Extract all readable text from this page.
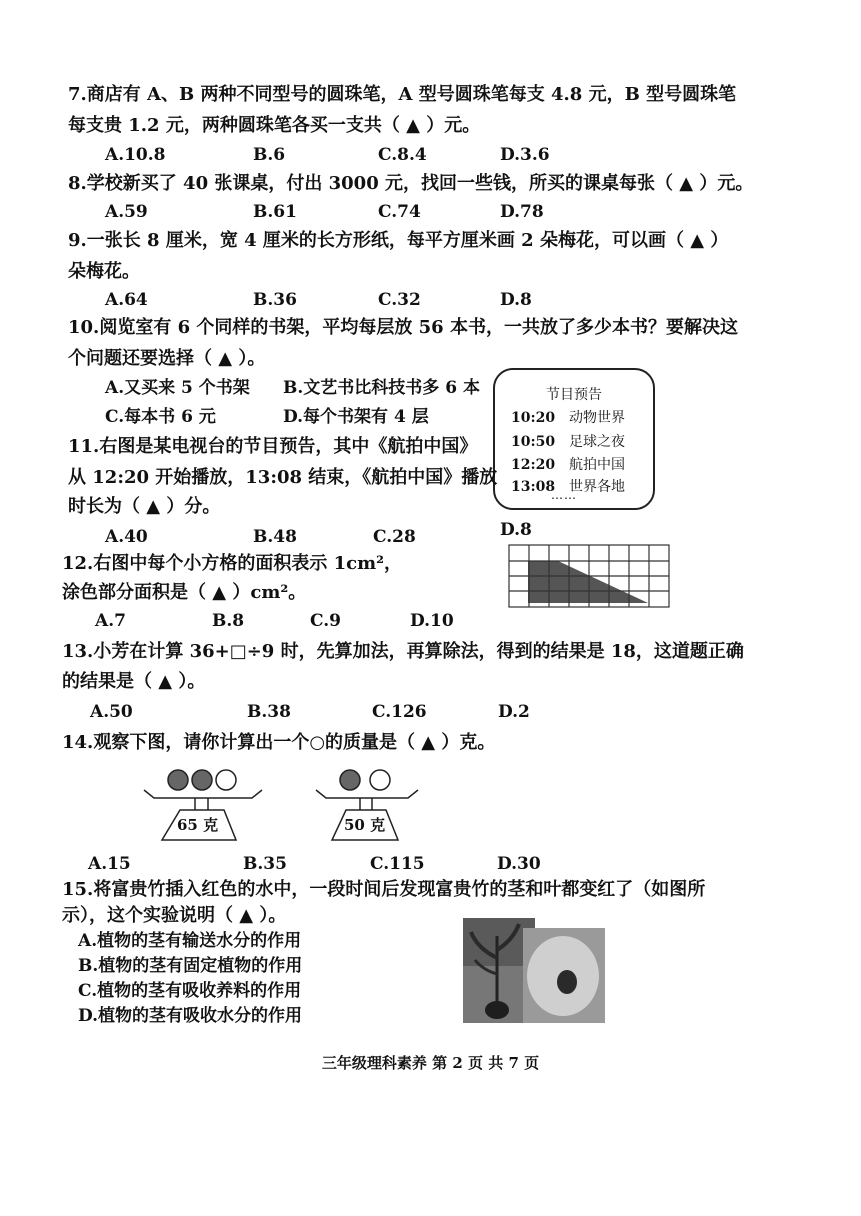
7.商店有 A、B 两种不同型号的圆珠笔，A 型号圆珠笔每支 4.8 元，B 型号圆珠笔
每支贵 1.2 元，两种圆珠笔各买一支共（ ▲ ）元。
A.10.8	B.6	C.8.4	D.3.6
8.学校新买了 40 张课桌，付出 3000 元，找回一些钱，所买的课桌每张（ ▲ ）元。
A.59	B.61	C.74	D.78
9.一张长 8 厘米，宽 4 厘米的长方形纸，每平方厘米画 2 朵梅花，可以画（ ▲ ）
朵梅花。
A.64	B.36	C.32	D.8
10.阅览室有 6 个同样的书架，平均每层放 56 本书，一共放了多少本书？要解决这
个问题还要选择（ ▲ ）。
A.又买来 5 个书架 B.文艺书比科技书多 6 本
C.每本书 6 元	D.每个书架有 4 层
节目预告
10:20 动物世界
10:50 足球之夜
12:20 航拍中国
13:08 世界各地
……
11.右图是某电视台的节目预告，其中《航拍中国》
从 12:20 开始播放，13:08 结束，《航拍中国》播放
时长为（ ▲ ）分。
A.40	B.48	C.28	D.8
12.右图中每个小方格的面积表示 1cm²，
涂色部分面积是（ ▲ ）cm²。
A.7	B.8	C.9	D.10
13.小芳在计算 36+□÷9 时，先算加法，再算除法，得到的结果是 18，这道题正确
的结果是（ ▲ ）。
A.50	B.38	C.126	D.2
14.观察下图，请你计算出一个○的质量是（ ▲ ）克。
65 克	50 克
A.15	B.35	C.115	D.30
15.将富贵竹插入红色的水中，一段时间后发现富贵竹的茎和叶都变红了（如图所
示），这个实验说明（ ▲ ）。
A.植物的茎有输送水分的作用
B.植物的茎有固定植物的作用
C.植物的茎有吸收养料的作用
D.植物的茎有吸收水分的作用
三年级理科素养 第 2 页 共 7 页
